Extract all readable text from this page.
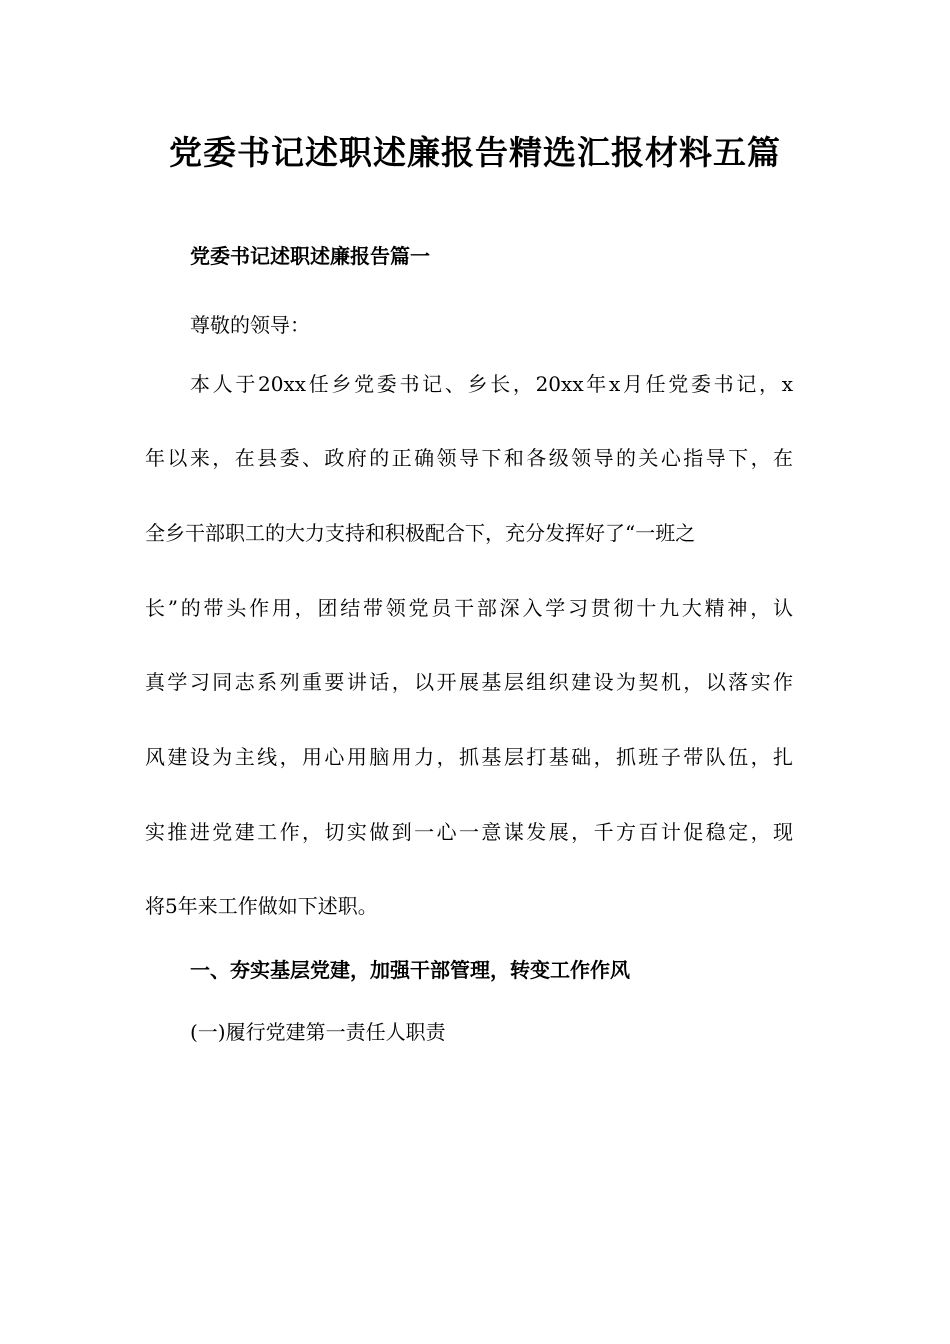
党委书记述职述廉报告精选汇报材料五篇
党委书记述职述廉报告篇一
尊敬的领导：
本人于20xx任乡党委书记、乡长，20xx年x月任党委书记，x
年以来，在县委、政府的正确领导下和各级领导的关心指导下，在
全乡干部职工的大力支持和积极配合下，充分发挥好了“一班之
长”的带头作用，团结带领党员干部深入学习贯彻十九大精神，认
真学习同志系列重要讲话，以开展基层组织建设为契机，以落实作
风建设为主线，用心用脑用力，抓基层打基础，抓班子带队伍，扎
实推进党建工作，切实做到一心一意谋发展，千方百计促稳定，现
将5年来工作做如下述职。
一、夯实基层党建，加强干部管理，转变工作作风
(一)履行党建第一责任人职责
